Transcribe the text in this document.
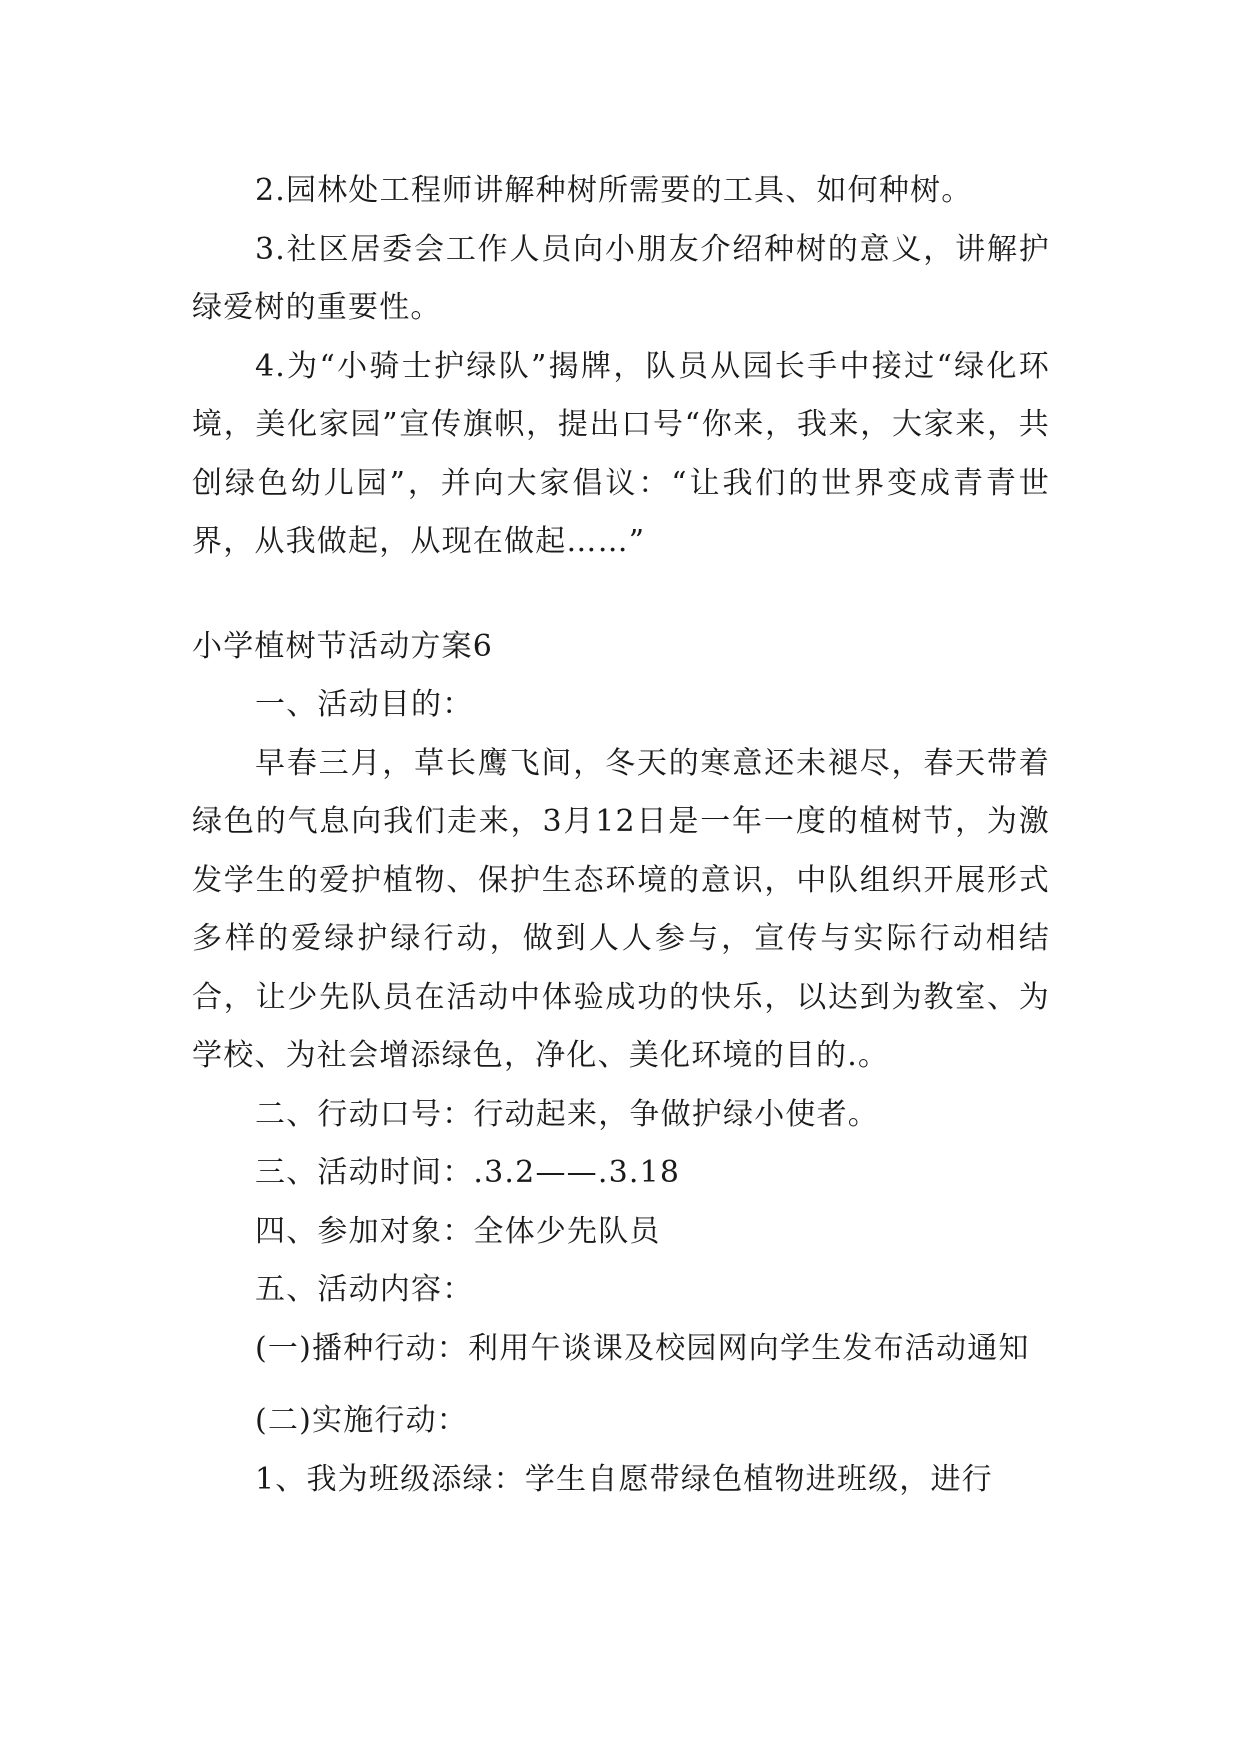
2.园林处工程师讲解种树所需要的工具、如何种树。

3.社区居委会工作人员向小朋友介绍种树的意义，讲解护绿爱树的重要性。

4.为“小骑士护绿队”揭牌，队员从园长手中接过“绿化环境，美化家园”宣传旗帜，提出口号“你来，我来，大家来，共创绿色幼儿园”，并向大家倡议：“让我们的世界变成青青世界，从我做起，从现在做起……”

小学植树节活动方案6

一、活动目的：

早春三月，草长鹰飞间，冬天的寒意还未褪尽，春天带着绿色的气息向我们走来，3月12日是一年一度的植树节，为激发学生的爱护植物、保护生态环境的意识，中队组织开展形式多样的爱绿护绿行动，做到人人参与，宣传与实际行动相结合，让少先队员在活动中体验成功的快乐，以达到为教室、为学校、为社会增添绿色，净化、美化环境的目的.。

二、行动口号：行动起来，争做护绿小使者。

三、活动时间：.3.2——.3.18

四、参加对象：全体少先队员

五、活动内容：

(一)播种行动：利用午谈课及校园网向学生发布活动通知

(二)实施行动：

1、我为班级添绿：学生自愿带绿色植物进班级，进行
